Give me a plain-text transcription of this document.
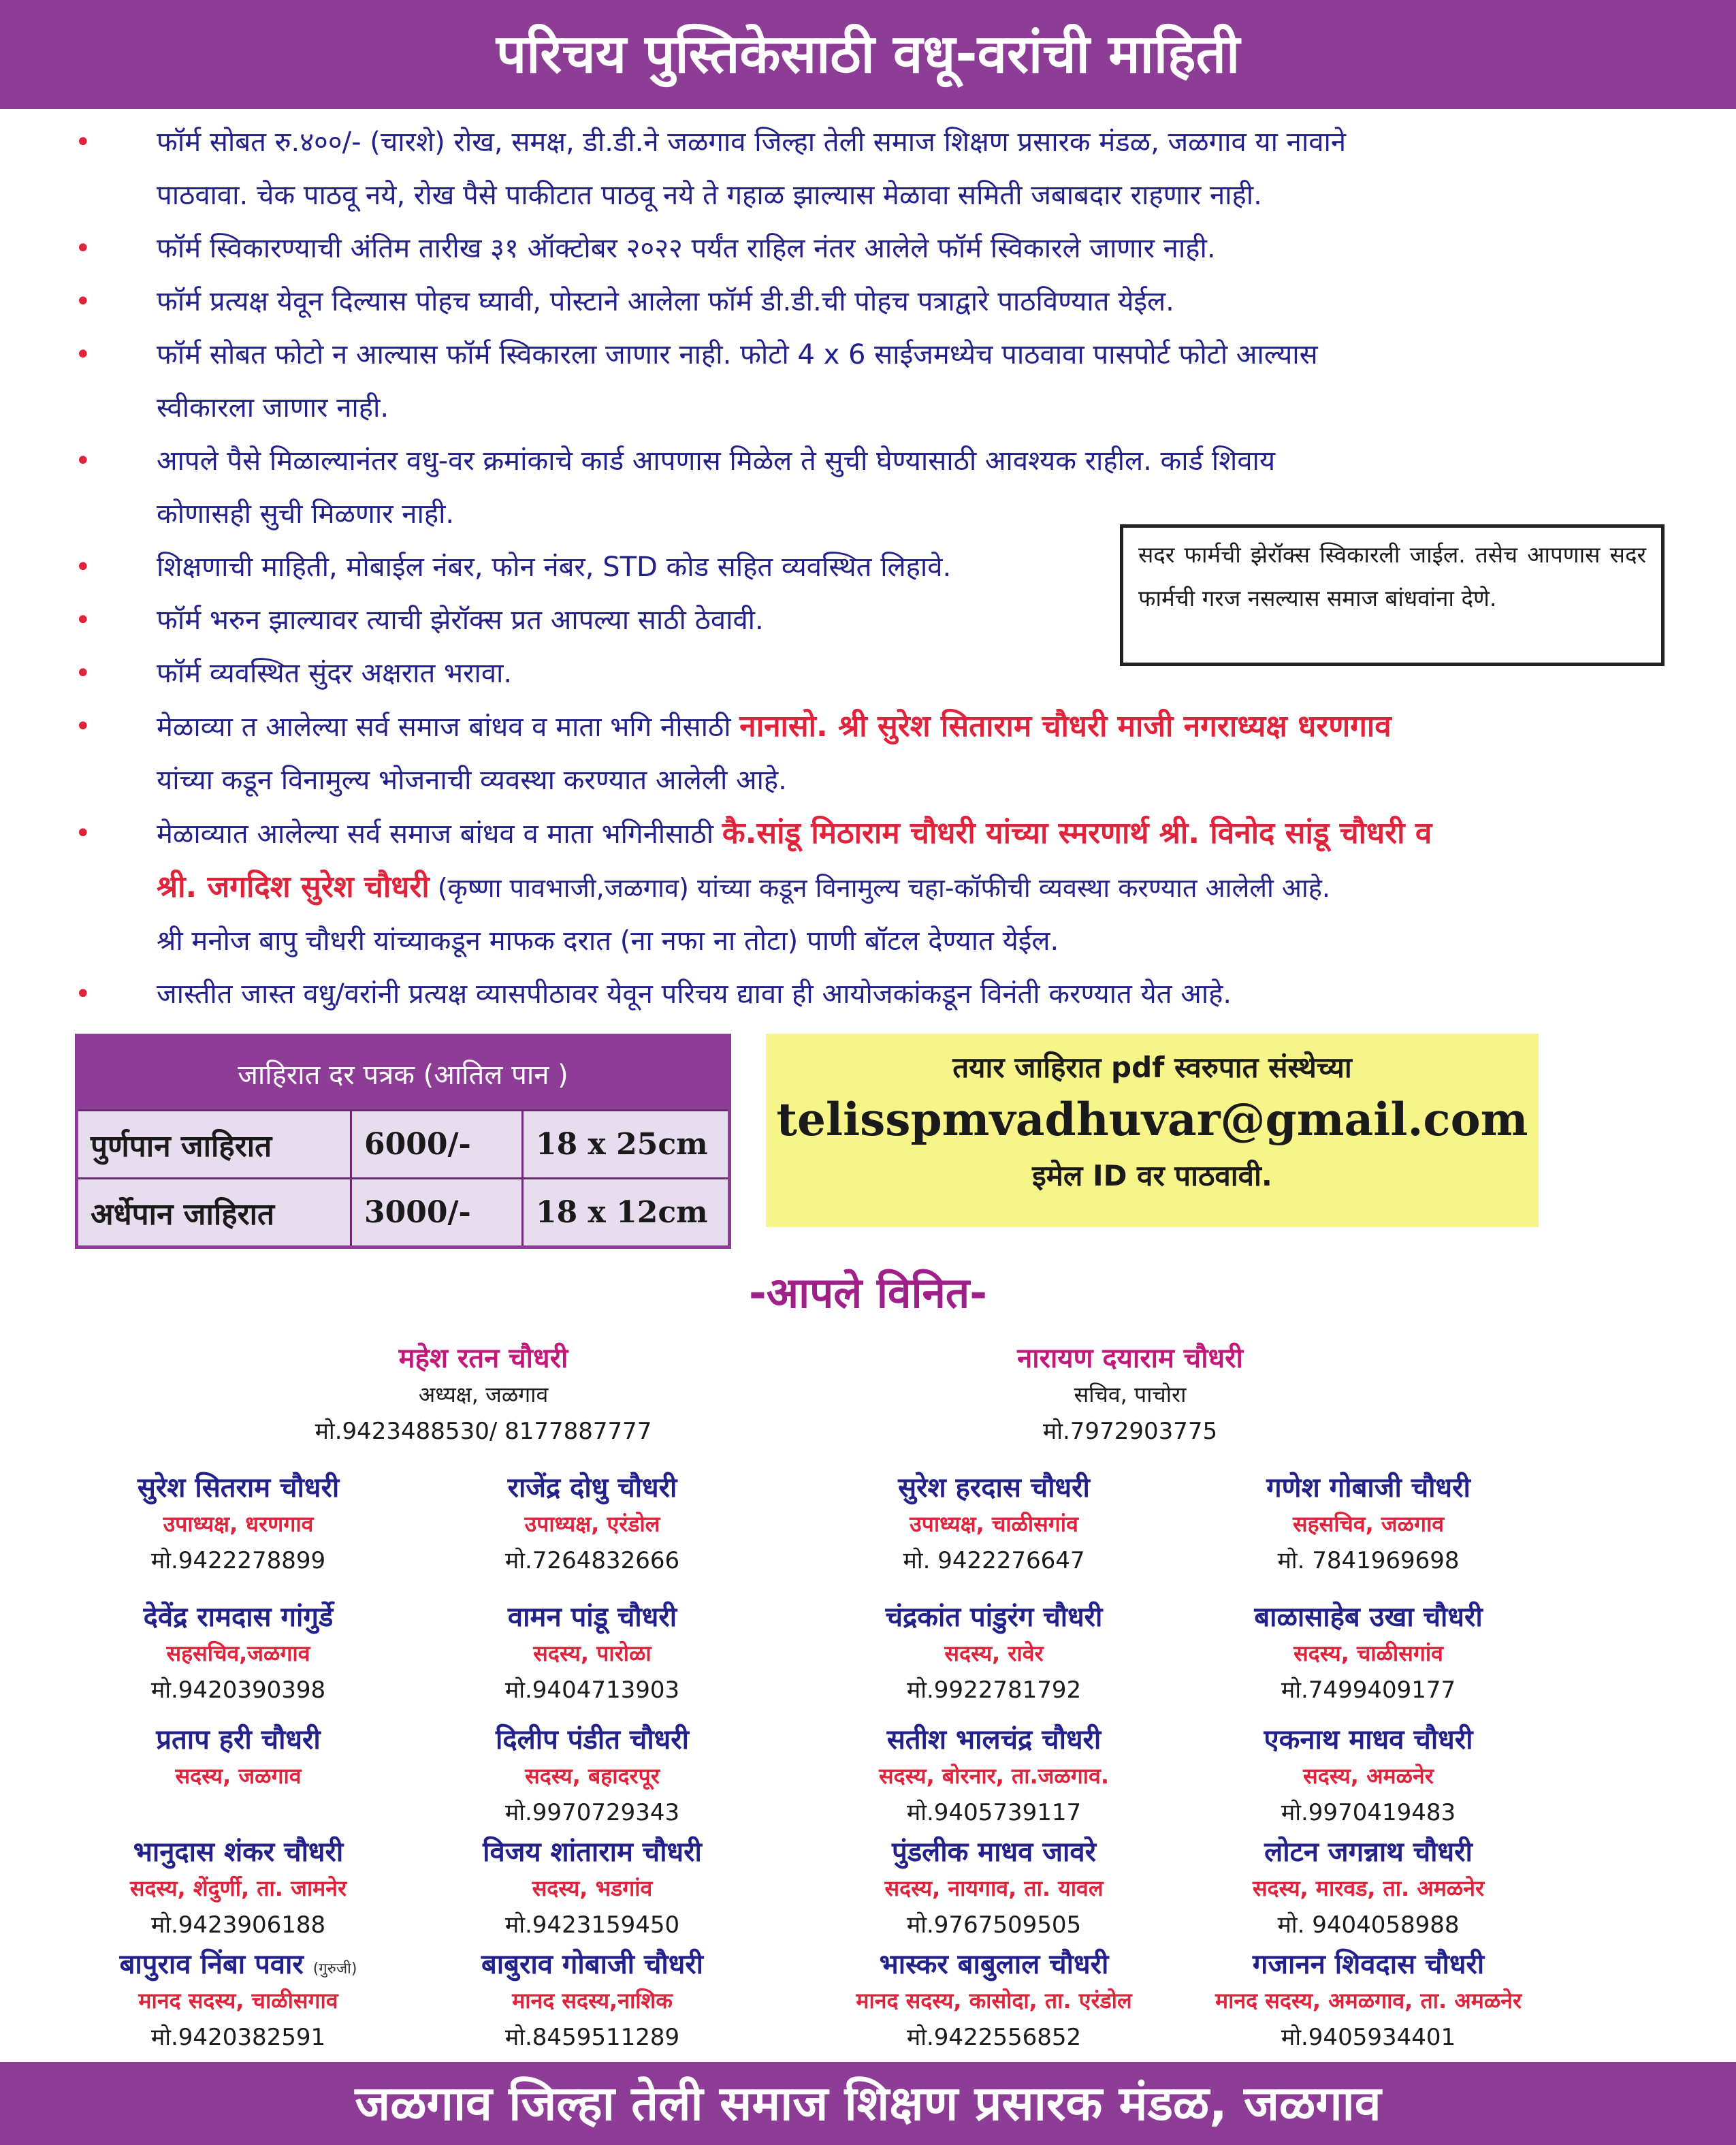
परिचय पुस्तिकेसाठी वधू-वरांची माहिती
• फॉर्म सोबत रु.४००/- (चारशे) रोख, समक्ष, डी.डी.ने जळगाव जिल्हा तेली समाज शिक्षण प्रसारक मंडळ, जळगाव या नावाने
पाठवावा. चेक पाठवू नये, रोख पैसे पाकीटात पाठवू नये ते गहाळ झाल्यास मेळावा समिती जबाबदार राहणार नाही.
• फॉर्म स्विकारण्याची अंतिम तारीख ३१ ऑक्टोबर २०२२ पर्यंत राहिल नंतर आलेले फॉर्म स्विकारले जाणार नाही.
• फॉर्म प्रत्यक्ष येवून दिल्यास पोहच घ्यावी, पोस्टाने आलेला फॉर्म डी.डी.ची पोहच पत्राद्वारे पाठविण्यात येईल.
• फॉर्म सोबत फोटो न आल्यास फॉर्म स्विकारला जाणार नाही. फोटो 4 x 6 साईजमध्येच पाठवावा पासपोर्ट फोटो आल्यास
स्वीकारला जाणार नाही.
• आपले पैसे मिळाल्यानंतर वधु-वर क्रमांकाचे कार्ड आपणास मिळेल ते सुची घेण्यासाठी आवश्यक राहील. कार्ड शिवाय
कोणासही सुची मिळणार नाही.
• शिक्षणाची माहिती, मोबाईल नंबर, फोन नंबर, STD कोड सहित व्यवस्थित लिहावे.
• फॉर्म भरुन झाल्यावर त्याची झेरॉक्स प्रत आपल्या साठी ठेवावी.
• फॉर्म व्यवस्थित सुंदर अक्षरात भरावा.
• मेळाव्या त आलेल्या सर्व समाज बांधव व माता भगि नीसाठी नानासो. श्री सुरेश सिताराम चौधरी माजी नगराध्यक्ष धरणगाव
यांच्या कडून विनामुल्य भोजनाची व्यवस्था करण्यात आलेली आहे.
• मेळाव्यात आलेल्या सर्व समाज बांधव व माता भगिनीसाठी कै.सांडू मिठाराम चौधरी यांच्या स्मरणार्थ श्री. विनोद सांडू चौधरी व
श्री. जगदिश सुरेश चौधरी (कृष्णा पावभाजी,जळगाव) यांच्या कडून विनामुल्य चहा-कॉफीची व्यवस्था करण्यात आलेली आहे.
श्री मनोज बापु चौधरी यांच्याकडून माफक दरात (ना नफा ना तोटा) पाणी बॉटल देण्यात येईल.
• जास्तीत जास्त वधु/वरांनी प्रत्यक्ष व्यासपीठावर येवून परिचय द्यावा ही आयोजकांकडून विनंती करण्यात येत आहे.
सदर फार्मची झेरॉक्स स्विकारली जाईल. तसेच आपणास सदर फार्मची गरज नसल्यास समाज बांधवांना देणे.
जाहिरात दर पत्रक (आतिल पान )		
पुर्णपान जाहिरात	6000/-	18 x 25cm
अर्धेपान जाहिरात	3000/-	18 x 12cm
तयार जाहिरात pdf स्वरुपात संस्थेच्या
telisspmvadhuvar@gmail.com
इमेल ID वर पाठवावी.
-आपले विनित-
महेश रतन चौधरी
अध्यक्ष, जळगाव
मो.9423488530/ 8177887777
नारायण दयाराम चौधरी
सचिव, पाचोरा
मो.7972903775
सुरेश सितराम चौधरी
उपाध्यक्ष, धरणगाव
मो.9422278899
राजेंद्र दोधु चौधरी
उपाध्यक्ष, एरंडोल
मो.7264832666
सुरेश हरदास चौधरी
उपाध्यक्ष, चाळीसगांव
मो. 9422276647
गणेश गोबाजी चौधरी
सहसचिव, जळगाव
मो. 7841969698
देवेंद्र रामदास गांगुर्डे
सहसचिव,जळगाव
मो.9420390398
वामन पांडू चौधरी
सदस्य, पारोळा
मो.9404713903
चंद्रकांत पांडुरंग चौधरी
सदस्य, रावेर
मो.9922781792
बाळासाहेब उखा चौधरी
सदस्य, चाळीसगांव
मो.7499409177
प्रताप हरी चौधरी
सदस्य, जळगाव
दिलीप पंडीत चौधरी
सदस्य, बहादरपूर
मो.9970729343
सतीश भालचंद्र चौधरी
सदस्य, बोरनार, ता.जळगाव.
मो.9405739117
एकनाथ माधव चौधरी
सदस्य, अमळनेर
मो.9970419483
भानुदास शंकर चौधरी
सदस्य, शेंदुर्णी, ता. जामनेर
मो.9423906188
विजय शांताराम चौधरी
सदस्य, भडगांव
मो.9423159450
पुंडलीक माधव जावरे
सदस्य, नायगाव, ता. यावल
मो.9767509505
लोटन जगन्नाथ चौधरी
सदस्य, मारवड, ता. अमळनेर
मो. 9404058988
बापुराव निंबा पवार (गुरुजी)
मानद सदस्य, चाळीसगाव
मो.9420382591
बाबुराव गोबाजी चौधरी
मानद सदस्य,नाशिक
मो.8459511289
भास्कर बाबुलाल चौधरी
मानद सदस्य, कासोदा, ता. एरंडोल
मो.9422556852
गजानन शिवदास चौधरी
मानद सदस्य, अमळगाव, ता. अमळनेर
मो.9405934401
जळगाव जिल्हा तेली समाज शिक्षण प्रसारक मंडळ, जळगाव
